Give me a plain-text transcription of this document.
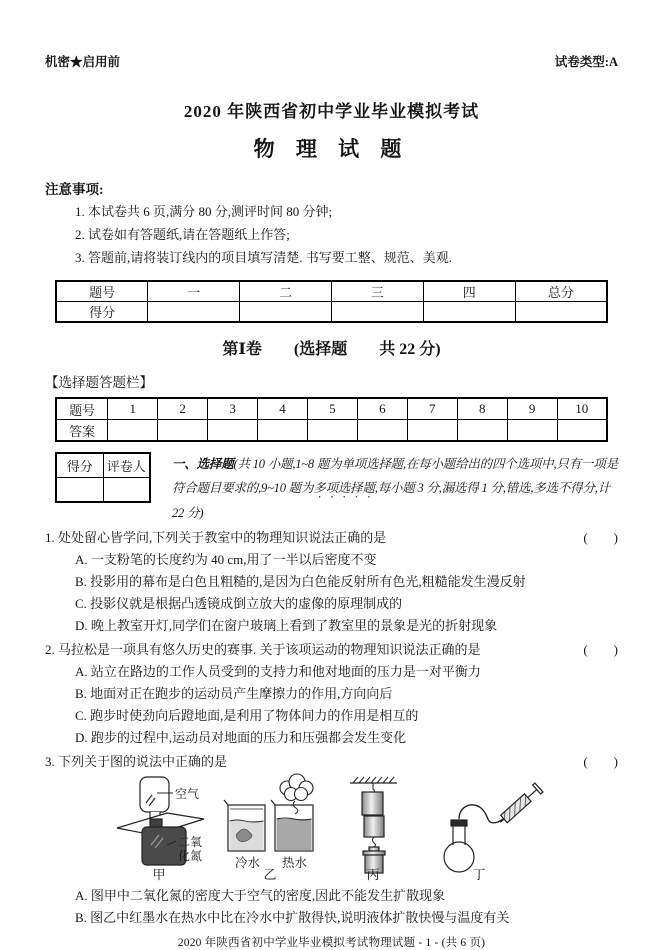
机密★启用前	试卷类型:A
2020 年陕西省初中学业毕业模拟考试
物 理 试 题
注意事项:
1. 本试卷共 6 页,满分 80 分,测评时间 80 分钟;
2. 试卷如有答题纸,请在答题纸上作答;
3. 答题前,请将装订线内的项目填写清楚. 书写要工整、规范、美观.
题号	一	二	三	四	总分
得分					
第Ⅰ卷　　(选择题　　共 22 分)
【选择题答题栏】
题号	1	2	3	4	5	6	7	8	9	10
答案										
得分	评卷人
		一、选择题(共 10 小题,1~8 题为单项选择题,在每小题给出的四个选项中,只有一项是符合题目要求的,9~10 题为多项选择题,每小题 3 分,漏选得 1 分,错选,多选不得分,计 22 分)

1. 处处留心皆学问,下列关于教室中的物理知识说法正确的是	(　　)
A. 一支粉笔的长度约为 40 cm,用了一半以后密度不变
B. 投影用的幕布是白色且粗糙的,是因为白色能反射所有色光,粗糙能发生漫反射
C. 投影仪就是根据凸透镜成倒立放大的虚像的原理制成的
D. 晚上教室开灯,同学们在窗户玻璃上看到了教室里的景象是光的折射现象
2. 马拉松是一项具有悠久历史的赛事. 关于该项运动的物理知识说法正确的是	(　　)
A. 站立在路边的工作人员受到的支持力和他对地面的压力是一对平衡力
B. 地面对正在跑步的运动员产生摩擦力的作用,方向向后
C. 跑步时使劲向后蹬地面,是利用了物体间力的作用是相互的
D. 跑步的过程中,运动员对地面的压力和压强都会发生变化
3. 下列关于图的说法中正确的是	(　　)
空气
二氧
化氮	冷水 热水
甲	乙	丙	丁
A. 图甲中二氧化氮的密度大于空气的密度,因此不能发生扩散现象
B. 图乙中红墨水在热水中比在冷水中扩散得快,说明液体扩散快慢与温度有关
2020 年陕西省初中学业毕业模拟考试物理试题 - 1 - (共 6 页)
